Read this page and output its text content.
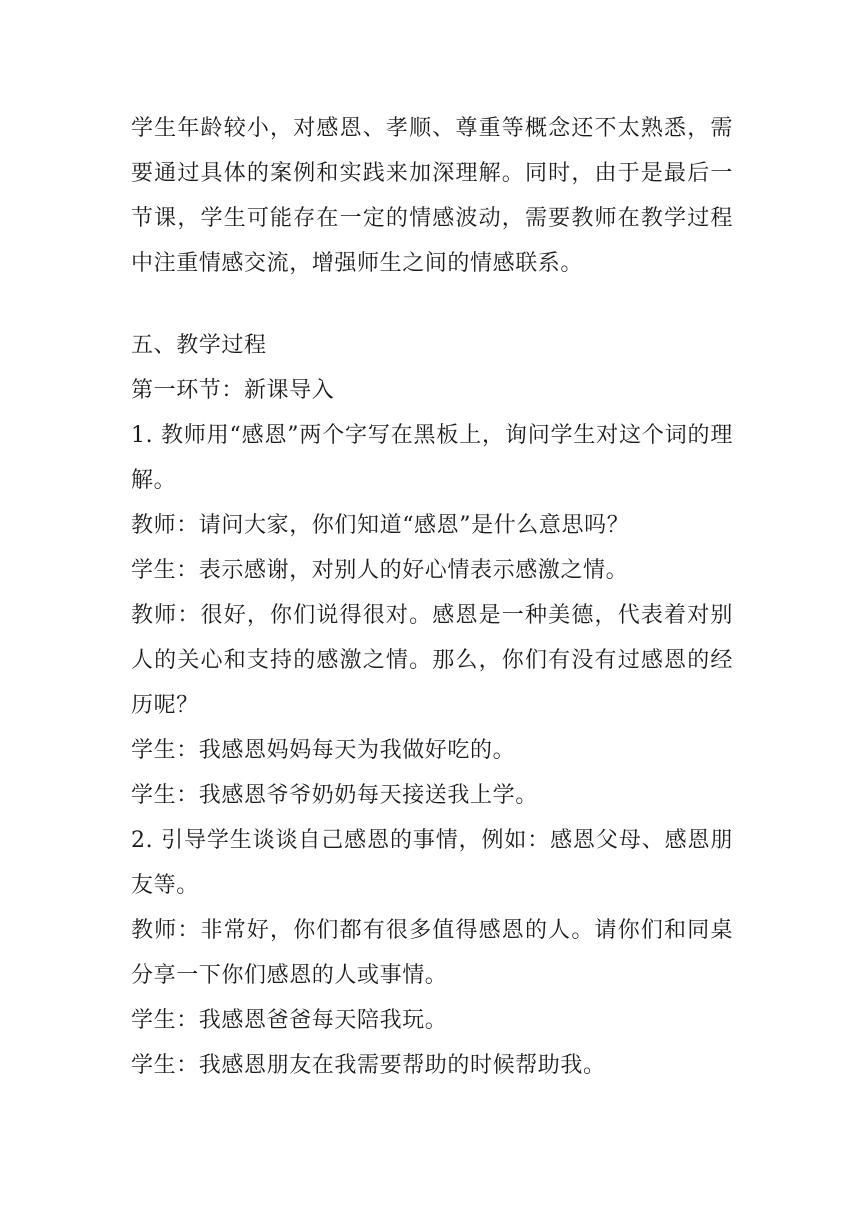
学生年龄较小，对感恩、孝顺、尊重等概念还不太熟悉，需要通过具体的案例和实践来加深理解。同时，由于是最后一节课，学生可能存在一定的情感波动，需要教师在教学过程中注重情感交流，增强师生之间的情感联系。

五、教学过程

第一环节：新课导入

1. 教师用“感恩”两个字写在黑板上，询问学生对这个词的理解。

教师：请问大家，你们知道“感恩”是什么意思吗？

学生：表示感谢，对别人的好心情表示感激之情。

教师：很好，你们说得很对。感恩是一种美德，代表着对别人的关心和支持的感激之情。那么，你们有没有过感恩的经历呢？

学生：我感恩妈妈每天为我做好吃的。

学生：我感恩爷爷奶奶每天接送我上学。

2. 引导学生谈谈自己感恩的事情，例如：感恩父母、感恩朋友等。

教师：非常好，你们都有很多值得感恩的人。请你们和同桌分享一下你们感恩的人或事情。

学生：我感恩爸爸每天陪我玩。

学生：我感恩朋友在我需要帮助的时候帮助我。
